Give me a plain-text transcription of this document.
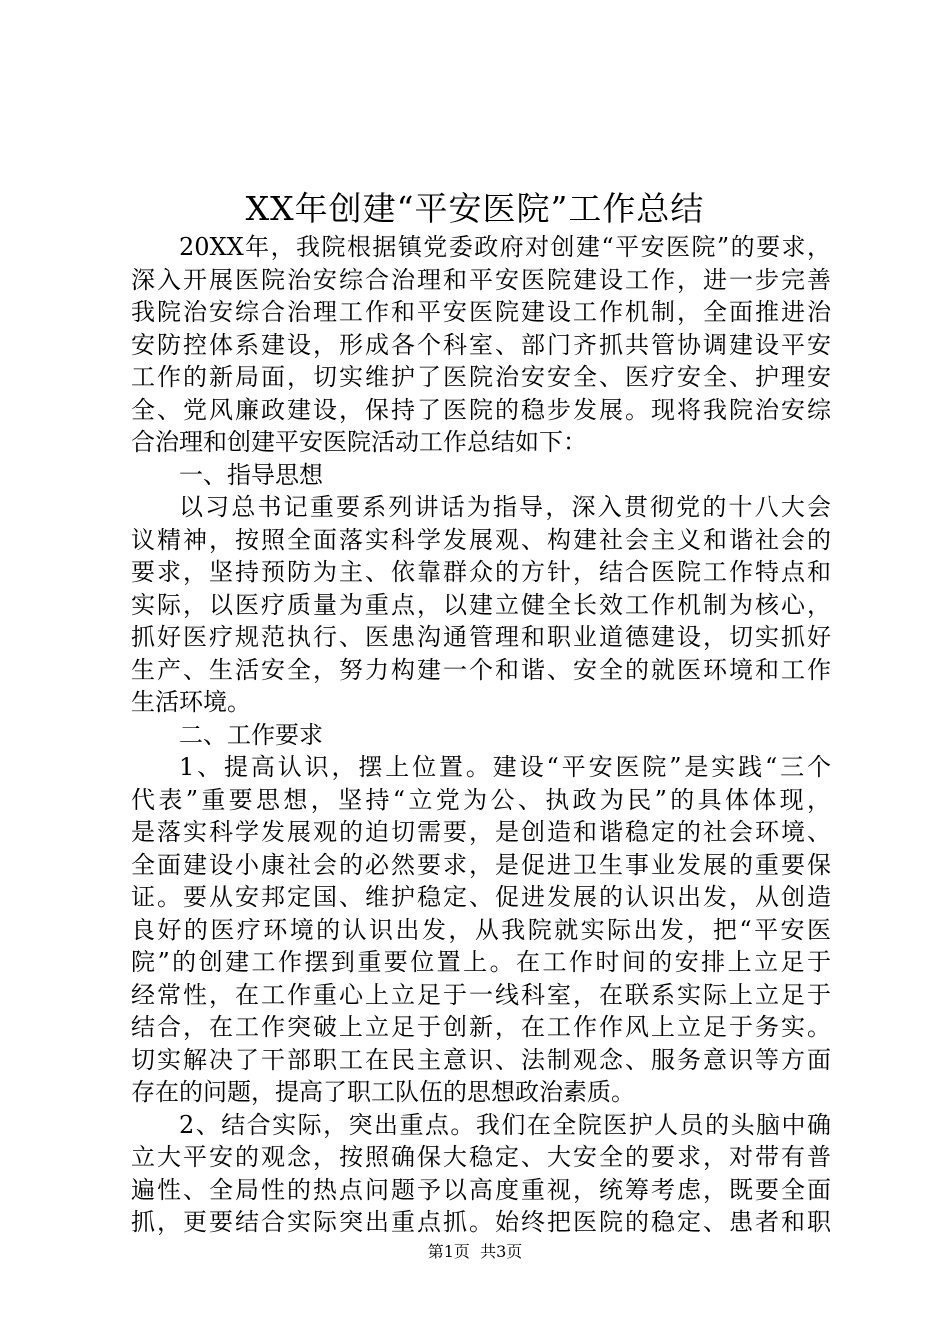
XX年创建“平安医院”工作总结
20XX年，我院根据镇党委政府对创建“平安医院”的要求，
深入开展医院治安综合治理和平安医院建设工作，进一步完善
我院治安综合治理工作和平安医院建设工作机制，全面推进治
安防控体系建设，形成各个科室、部门齐抓共管协调建设平安
工作的新局面，切实维护了医院治安安全、医疗安全、护理安
全、党风廉政建设，保持了医院的稳步发展。现将我院治安综
合治理和创建平安医院活动工作总结如下：
一、指导思想
以习总书记重要系列讲话为指导，深入贯彻党的十八大会
议精神，按照全面落实科学发展观、构建社会主义和谐社会的
要求，坚持预防为主、依靠群众的方针，结合医院工作特点和
实际，以医疗质量为重点，以建立健全长效工作机制为核心，
抓好医疗规范执行、医患沟通管理和职业道德建设，切实抓好
生产、生活安全，努力构建一个和谐、安全的就医环境和工作
生活环境。
二、工作要求
1、提高认识，摆上位置。建设“平安医院”是实践“三个
代表”重要思想，坚持“立党为公、执政为民”的具体体现，
是落实科学发展观的迫切需要，是创造和谐稳定的社会环境、
全面建设小康社会的必然要求，是促进卫生事业发展的重要保
证。要从安邦定国、维护稳定、促进发展的认识出发，从创造
良好的医疗环境的认识出发，从我院就实际出发，把“平安医
院”的创建工作摆到重要位置上。在工作时间的安排上立足于
经常性，在工作重心上立足于一线科室，在联系实际上立足于
结合，在工作突破上立足于创新，在工作作风上立足于务实。
切实解决了干部职工在民主意识、法制观念、服务意识等方面
存在的问题，提高了职工队伍的思想政治素质。
2、结合实际，突出重点。我们在全院医护人员的头脑中确
立大平安的观念，按照确保大稳定、大安全的要求，对带有普
遍性、全局性的热点问题予以高度重视，统筹考虑，既要全面
抓，更要结合实际突出重点抓。始终把医院的稳定、患者和职
第1页  共3页
